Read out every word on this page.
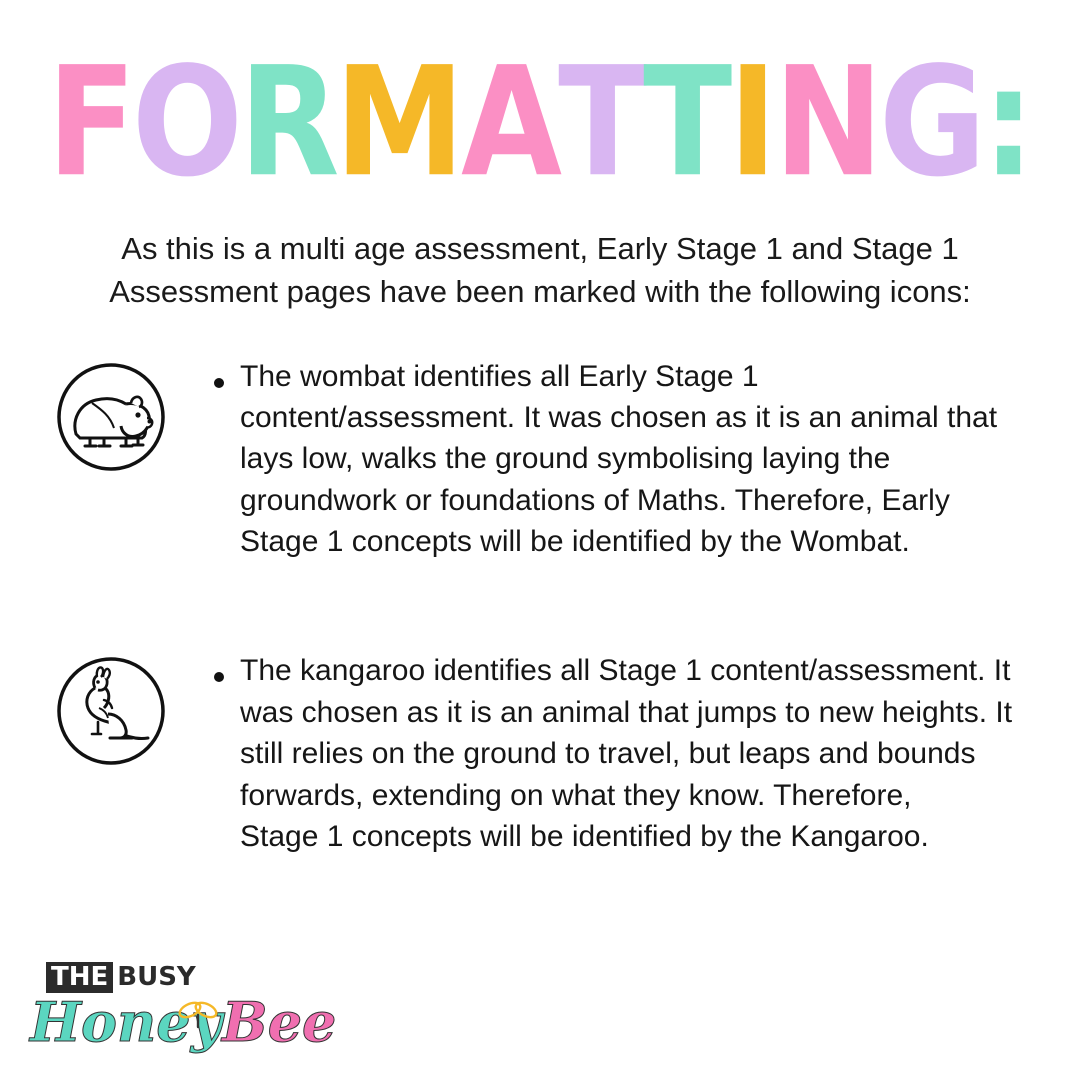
FORMATTING:
As this is a multi age assessment, Early Stage 1 and Stage 1
Assessment pages have been marked with the following icons:
The wombat identifies all Early Stage 1
content/assessment. It was chosen as it is an animal that
lays low, walks the ground symbolising laying the
groundwork or foundations of Maths. Therefore, Early
Stage 1 concepts will be identified by the Wombat.
The kangaroo identifies all Stage 1 content/assessment. It
was chosen as it is an animal that jumps to new heights. It
still relies on the ground to travel, but leaps and bounds
forwards, extending on what they know. Therefore,
Stage 1 concepts will be identified by the Kangaroo.
THE BUSY
HoneyBee
